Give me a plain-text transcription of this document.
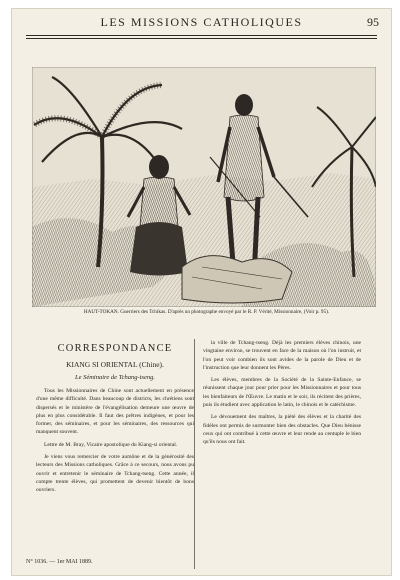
LES MISSIONS CATHOLIQUES	95
HAUT-TOKAN. Guerriers des Tchikas. D'après un photographe envoyé par le R. P. Vérité, Missionnaire, (Voir p. 95).
CORRESPONDANCE
KIANG SI ORIENTAL (Chine).
Le Séminaire de Tchang-tseng.

Tous les Missionnaires de Chine sont actuellement en présence d'une même difficulté. Dans beaucoup de districts, les chrétiens sont dispersés et le ministère de l'évangélisation demeure une œuvre de plus en plus considérable. Il faut des prêtres indigènes, et pour les former, des séminaires, et pour les séminaires, des ressources qui manquent souvent.

Lettre de M. Bray, Vicaire apostolique du Kiang-si oriental.

Je viens vous remercier de votre aumône et de la générosité des lecteurs des Missions catholiques. Grâce à ce secours, nous avons pu ouvrir et entretenir le séminaire de Tchang-tseng. Cette année, il compte trente élèves, qui promettent de devenir bientôt de bons ouvriers.

la ville de Tchang-tseng. Déjà les premiers élèves chinois, une vingtaine environ, se trouvent en face de la maison où l'on instruit, et l'on peut voir combien ils sont avides de la parole de Dieu et de l'instruction que leur donnent les Pères.

Les élèves, membres de la Société de la Sainte-Enfance, se réunissent chaque jour pour prier pour les Missionnaires et pour tous les bienfaiteurs de l'Œuvre. Le matin et le soir, ils récitent des prières, puis ils étudient avec application le latin, le chinois et le catéchisme.

Le dévouement des maîtres, la piété des élèves et la charité des fidèles ont permis de surmonter bien des obstacles. Que Dieu bénisse ceux qui ont contribué à cette œuvre et leur rende au centuple le bien qu'ils nous ont fait.

N° 1036. — 1er MAI 1889.
